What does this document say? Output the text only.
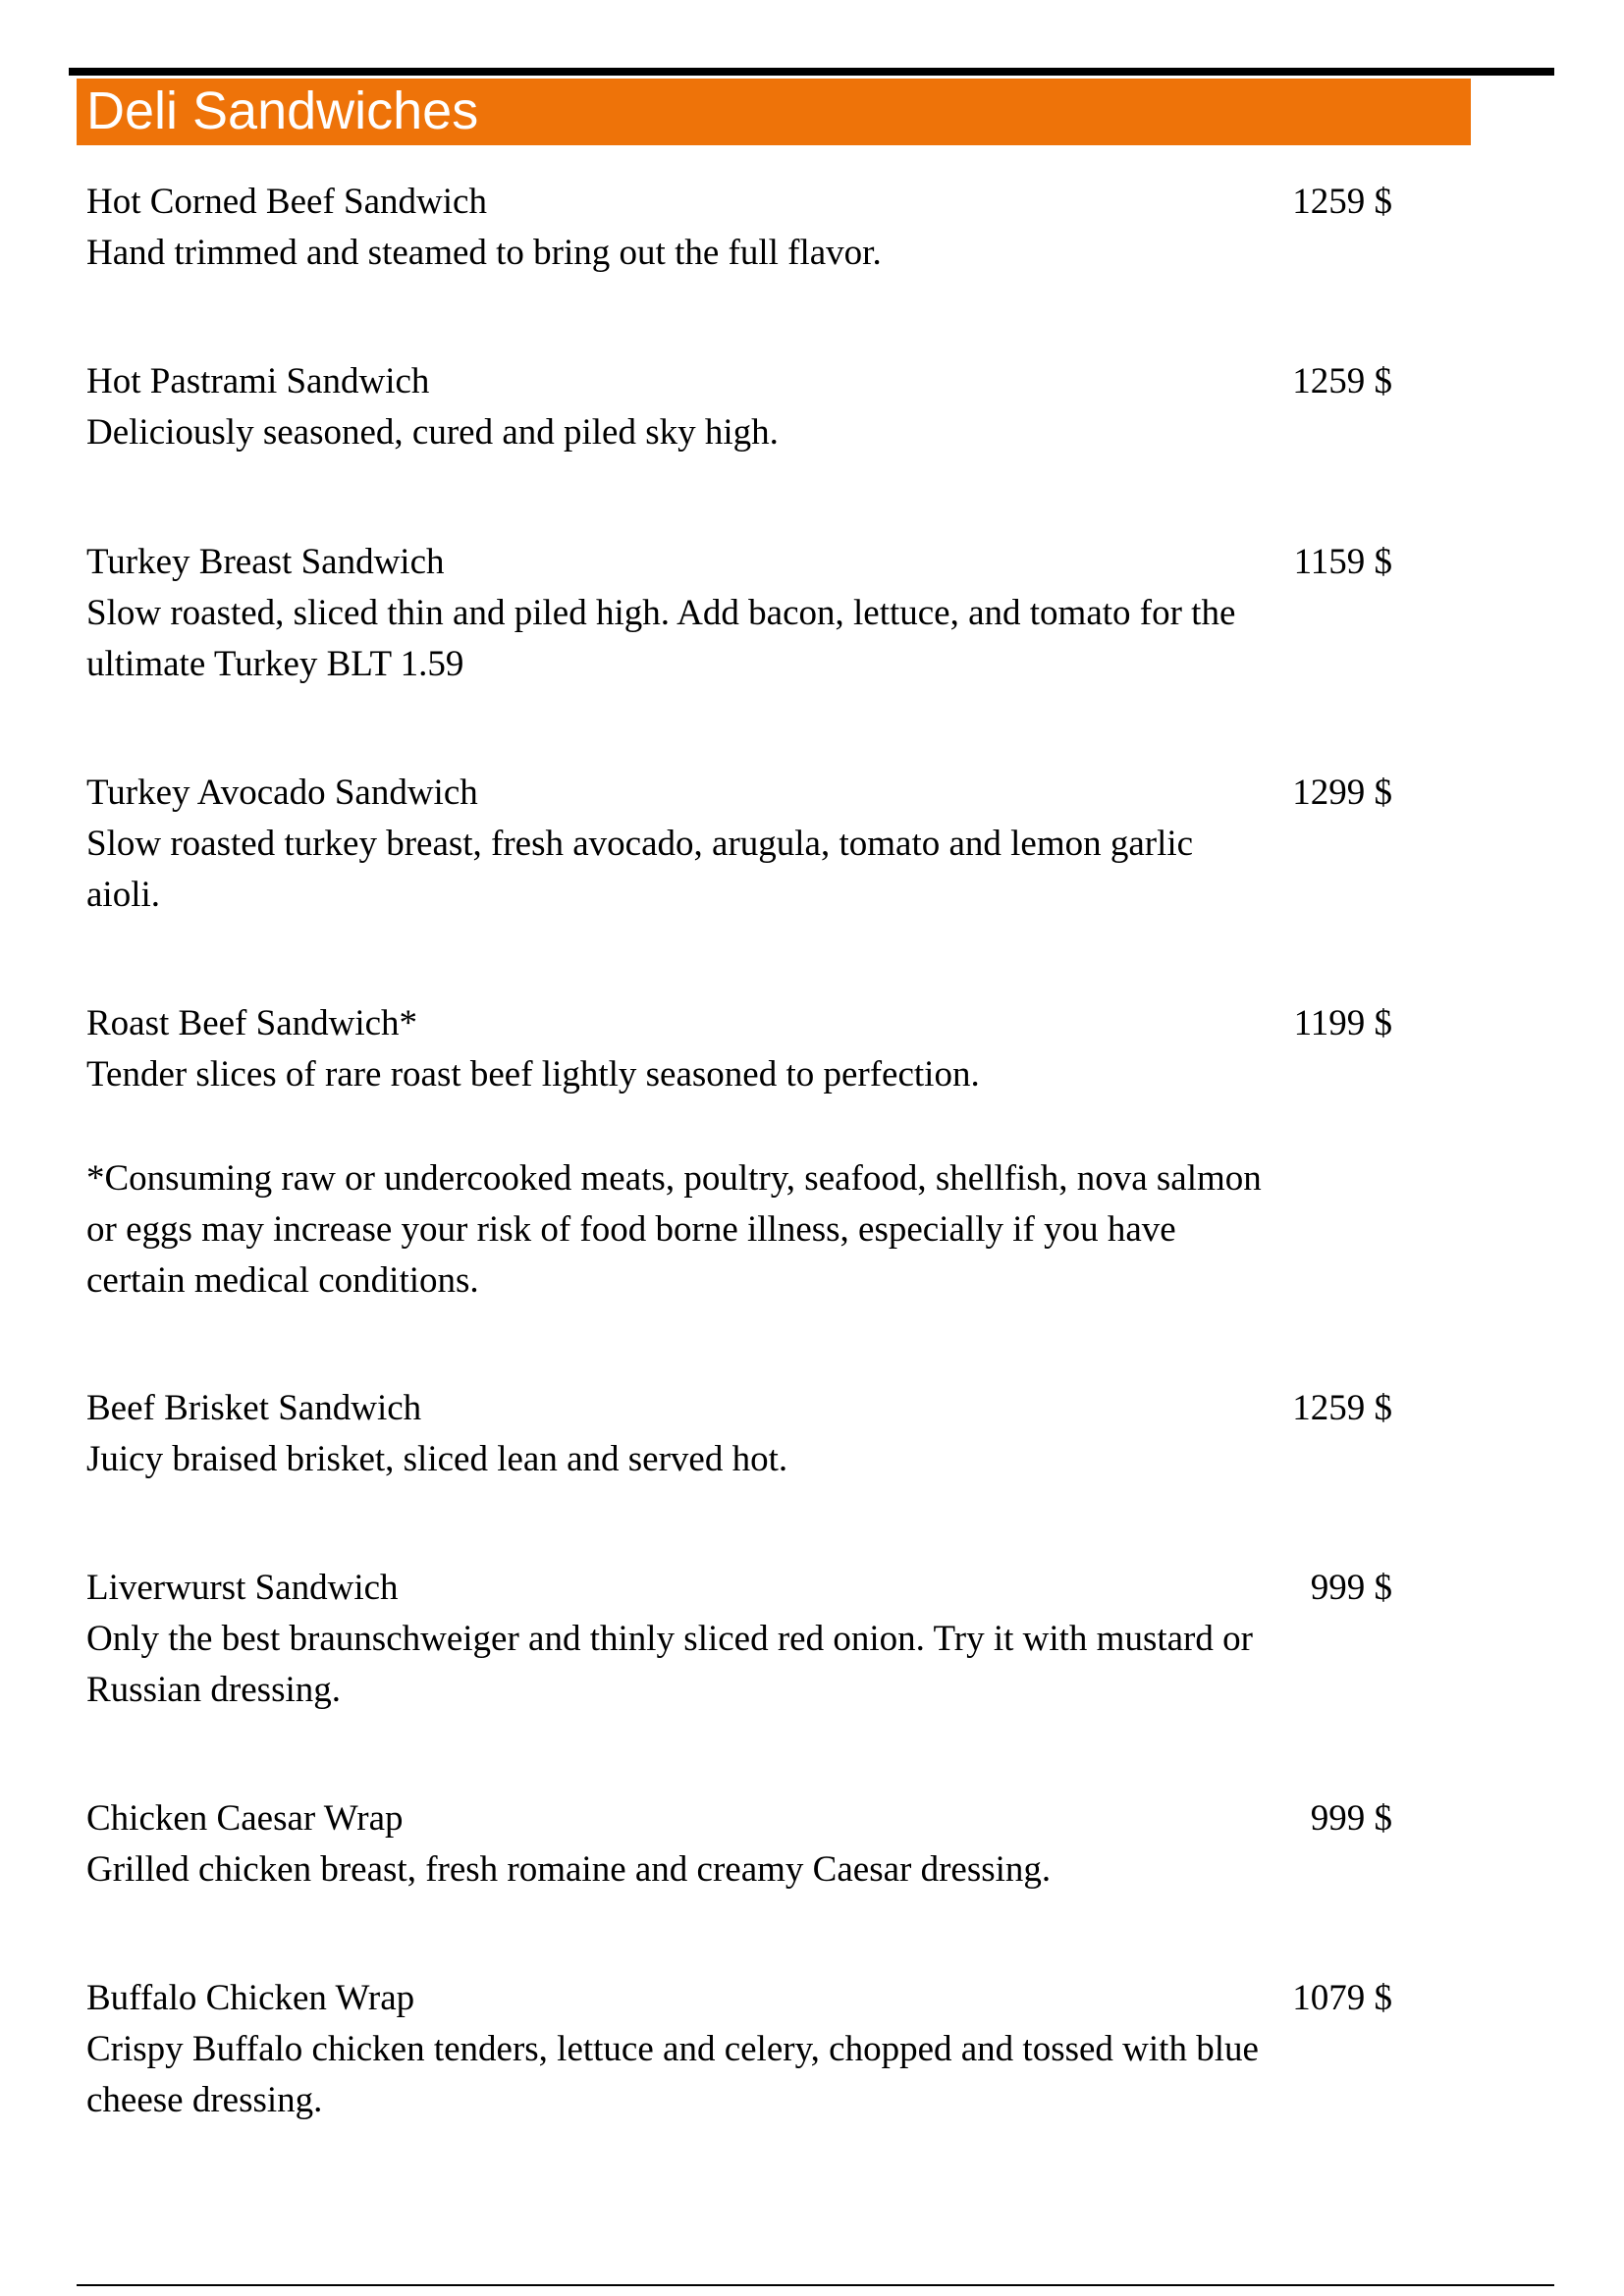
Deli Sandwiches
Hot Corned Beef Sandwich	1259 $
Hand trimmed and steamed to bring out the full flavor.
Hot Pastrami Sandwich	1259 $
Deliciously seasoned, cured and piled sky high.
Turkey Breast Sandwich	1159 $
Slow roasted, sliced thin and piled high. Add bacon, lettuce, and tomato for the ultimate Turkey BLT 1.59
Turkey Avocado Sandwich	1299 $
Slow roasted turkey breast, fresh avocado, arugula, tomato and lemon garlic aioli.
Roast Beef Sandwich*	1199 $
Tender slices of rare roast beef lightly seasoned to perfection.
*Consuming raw or undercooked meats, poultry, seafood, shellfish, nova salmon or eggs may increase your risk of food borne illness, especially if you have certain medical conditions.
Beef Brisket Sandwich	1259 $
Juicy braised brisket, sliced lean and served hot.
Liverwurst Sandwich	999 $
Only the best braunschweiger and thinly sliced red onion. Try it with mustard or Russian dressing.
Chicken Caesar Wrap	999 $
Grilled chicken breast, fresh romaine and creamy Caesar dressing.
Buffalo Chicken Wrap	1079 $
Crispy Buffalo chicken tenders, lettuce and celery, chopped and tossed with blue cheese dressing.
